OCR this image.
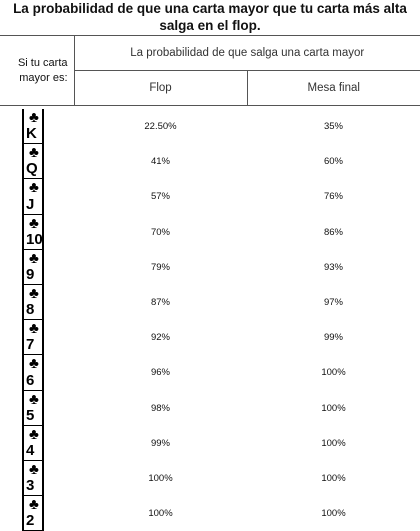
La probabilidad de que una carta mayor que tu carta más alta salga en el flop.
Si tu carta mayor es:	La probabilidad de que salga una carta mayor	
	Flop	Mesa final

♣
K	22.50%	35%

♣
Q	41%	60%

♣
J	57%	76%

♣
10	70%	86%

♣
9	79%	93%

♣
8	87%	97%

♣
7	92%	99%

♣
6	96%	100%

♣
5	98%	100%

♣
4	99%	100%

♣
3	100%	100%

♣
2	100%	100%
